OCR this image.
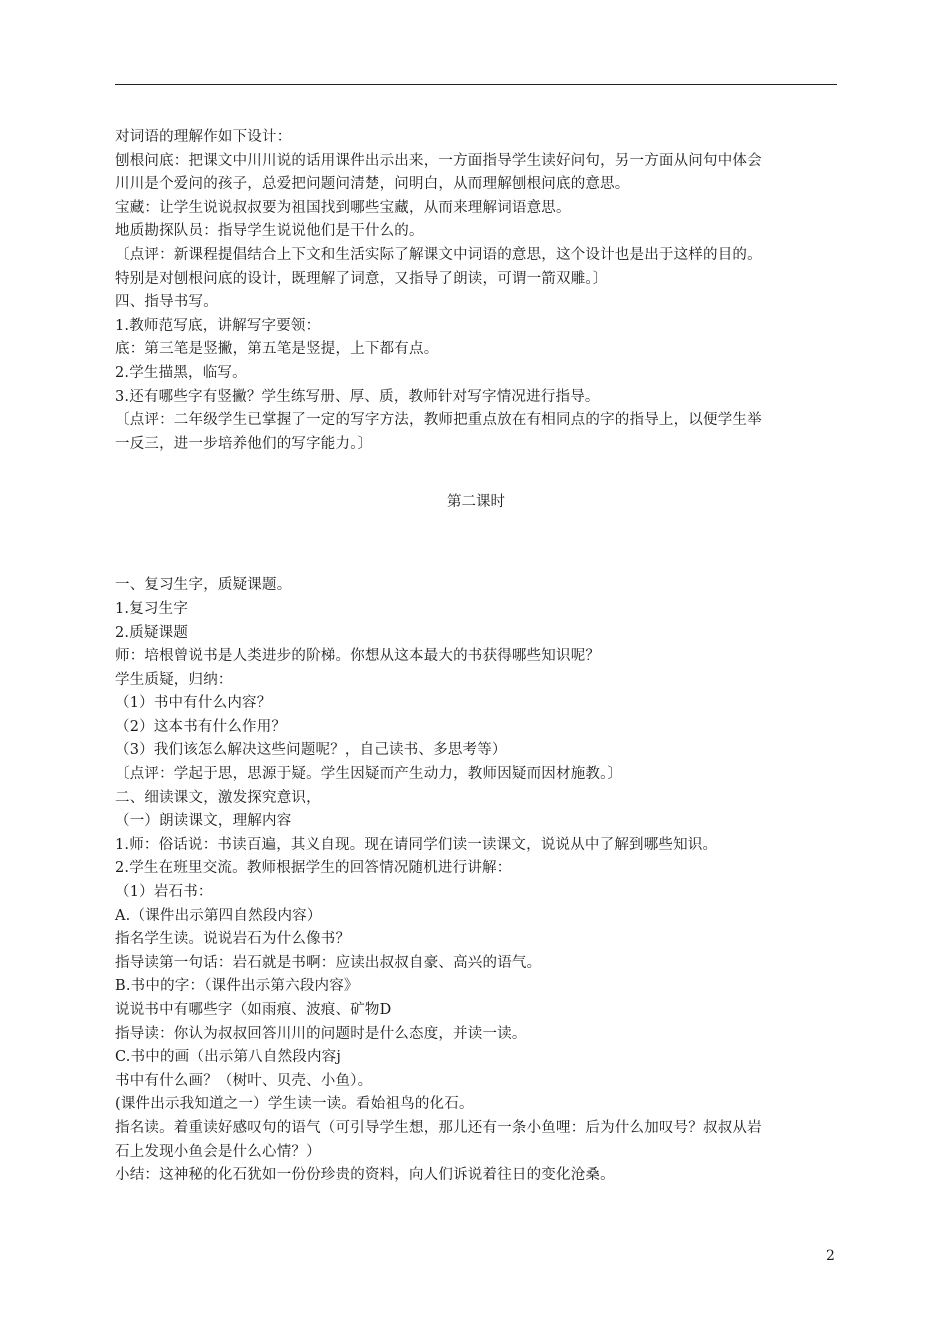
对词语的理解作如下设计：
刨根问底：把课文中川川说的话用课件出示出来，一方面指导学生读好问句，另一方面从问句中体会
川川是个爱问的孩子，总爱把问题问清楚，问明白，从而理解刨根问底的意思。
宝藏：让学生说说叔叔要为祖国找到哪些宝藏，从而来理解词语意思。
地质勘探队员：指导学生说说他们是干什么的。
〔点评：新课程提倡结合上下文和生活实际了解课文中词语的意思，这个设计也是出于这样的目的。
特别是对刨根问底的设计，既理解了词意，又指导了朗读，可谓一箭双雕。〕
四、指导书写。
1.教师范写底，讲解写字要领：
底：第三笔是竖撇，第五笔是竖提，上下都有点。
2.学生描黑，临写。
3.还有哪些字有竖撇？学生练写册、厚、质，教师针对写字情况进行指导。
〔点评：二年级学生已掌握了一定的写字方法，教师把重点放在有相同点的字的指导上，以便学生举
一反三，进一步培养他们的写字能力。〕
第二课时
一、复习生字，质疑课题。
1.复习生字
2.质疑课题
师：培根曾说书是人类进步的阶梯。你想从这本最大的书获得哪些知识呢？
学生质疑，归纳：
（1）书中有什么内容？
（2）这本书有什么作用？
（3）我们该怎么解决这些问题呢？，自己读书、多思考等）
〔点评：学起于思，思源于疑。学生因疑而产生动力，教师因疑而因材施教。〕
二、细读课文，激发探究意识，
（一）朗读课文，理解内容
1.师：俗话说：书读百遍，其义自现。现在请同学们读一读课文，说说从中了解到哪些知识。
2.学生在班里交流。教师根据学生的回答情况随机进行讲解：
（1）岩石书：
A.（课件出示第四自然段内容）
指名学生读。说说岩石为什么像书？
指导读第一句话：岩石就是书啊：应读出叔叔自豪、高兴的语气。
B.书中的字：（课件出示第六段内容》
说说书中有哪些字（如雨痕、波痕、矿物D
指导读：你认为叔叔回答川川的问题时是什么态度，并读一读。
C.书中的画（出示第八自然段内容j
书中有什么画？（树叶、贝壳、小鱼）。
(课件出示我知道之一）学生读一读。看始祖鸟的化石。
指名读。着重读好感叹句的语气（可引导学生想，那儿还有一条小鱼哩：后为什么加叹号？叔叔从岩
石上发现小鱼会是什么心情？）
小结：这神秘的化石犹如一份份珍贵的资料，向人们诉说着往日的变化沧桑。
2
